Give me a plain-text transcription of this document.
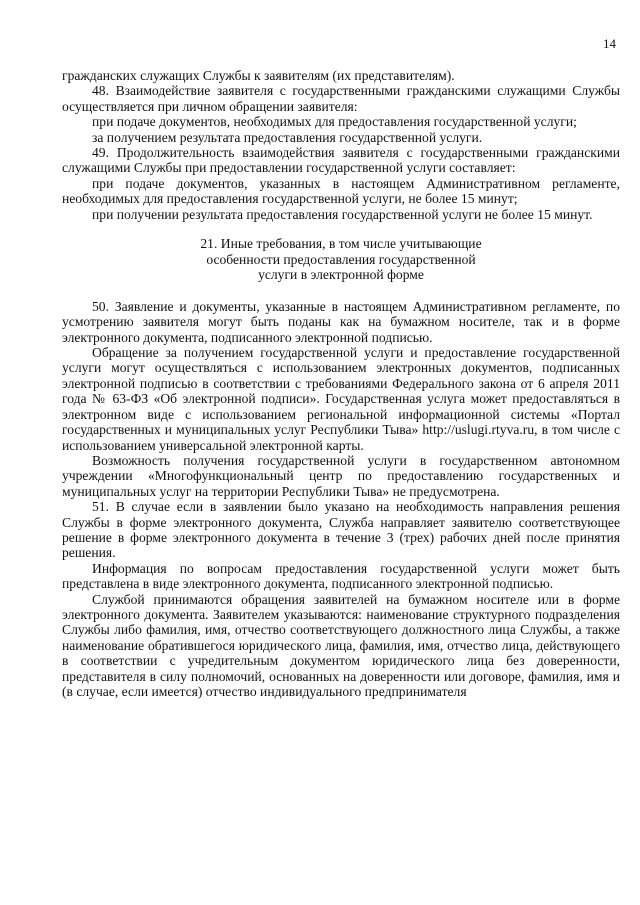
14

гражданских служащих Службы к заявителям (их представителям).

48. Взаимодействие заявителя с государственными гражданскими служащими Службы осуществляется при личном обращении заявителя:

при подаче документов, необходимых для предоставления государственной услуги;

за получением результата предоставления государственной услуги.

49. Продолжительность взаимодействия заявителя с государственными гражданскими служащими Службы при предоставлении государственной услуги составляет:

при подаче документов, указанных в настоящем Административном регламенте, необходимых для предоставления государственной услуги, не более 15 минут;

при получении результата предоставления государственной услуги не более 15 минут.

21. Иные требования, в том числе учитывающие
особенности предоставления государственной
услуги в электронной форме

50. Заявление и документы, указанные в настоящем Административном регламенте, по усмотрению заявителя могут быть поданы как на бумажном носителе, так и в форме электронного документа, подписанного электронной подписью.

Обращение за получением государственной услуги и предоставление государственной услуги могут осуществляться с использованием электронных документов, подписанных электронной подписью в соответствии с требованиями Федерального закона от 6 апреля 2011 года № 63-ФЗ «Об электронной подписи». Государственная услуга может предоставляться в электронном виде с использованием региональной информационной системы «Портал государственных и муниципальных услуг Республики Тыва» http://uslugi.rtyva.ru, в том числе с использованием универсальной электронной карты.

Возможность получения государственной услуги в государственном автономном учреждении «Многофункциональный центр по предоставлению государственных и муниципальных услуг на территории Республики Тыва» не предусмотрена.

51. В случае если в заявлении было указано на необходимость направления решения Службы в форме электронного документа, Служба направляет заявителю соответствующее решение в форме электронного документа в течение 3 (трех) рабочих дней после принятия решения.

Информация по вопросам предоставления государственной услуги может быть представлена в виде электронного документа, подписанного электронной подписью.

Службой принимаются обращения заявителей на бумажном носителе или в форме электронного документа. Заявителем указываются: наименование структурного подразделения Службы либо фамилия, имя, отчество соответствующего должностного лица Службы, а также наименование обратившегося юридического лица, фамилия, имя, отчество лица, действующего в соответствии с учредительным документом юридического лица без доверенности, представителя в силу полномочий, основанных на доверенности или договоре, фамилия, имя и (в случае, если имеется) отчество индивидуального предпринимателя
